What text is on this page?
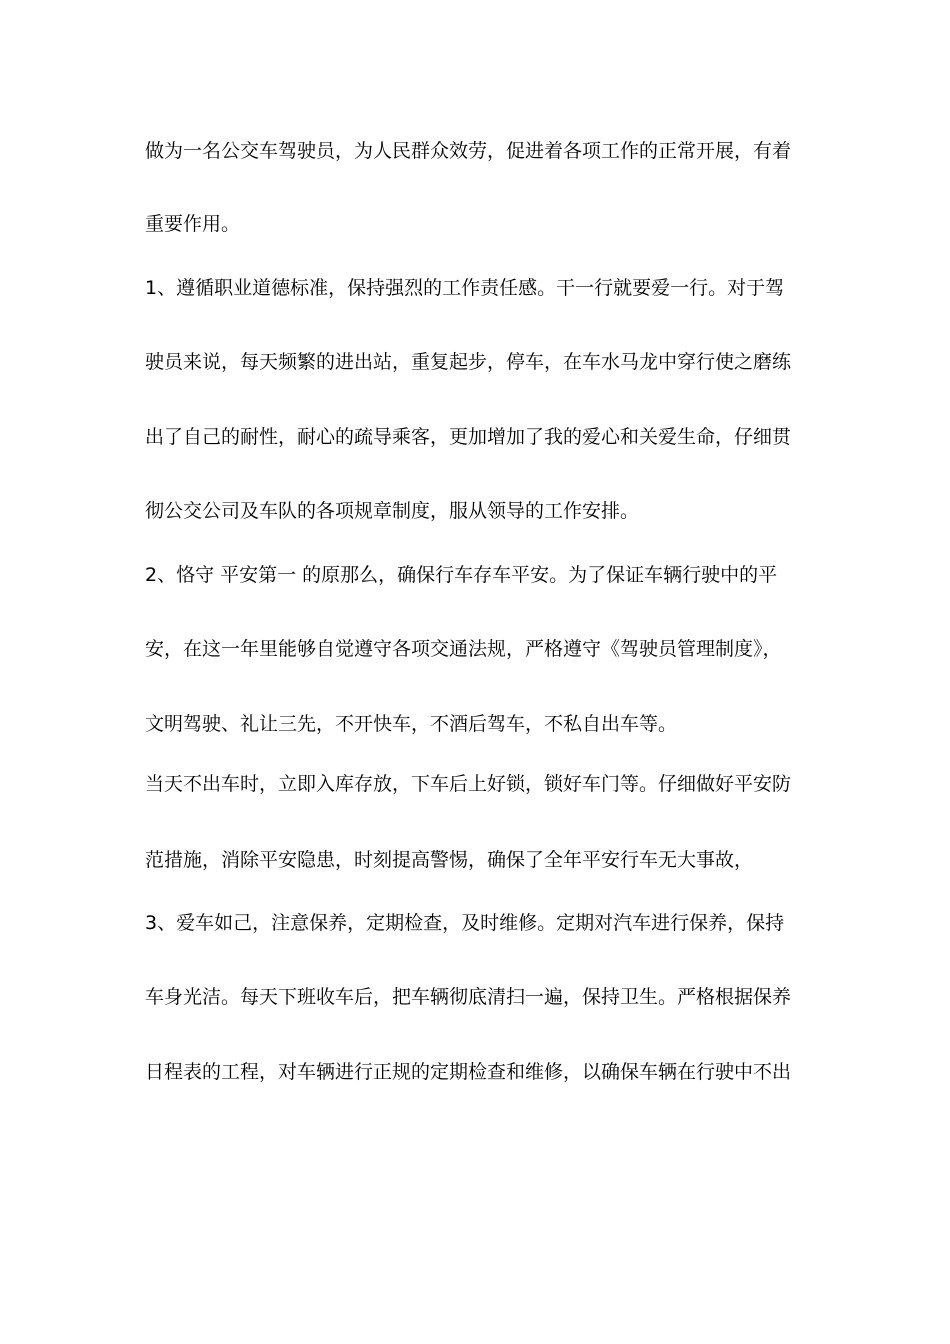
做为一名公交车驾驶员，为人民群众效劳，促进着各项工作的正常开展，有着
重要作用。
1、遵循职业道德标准，保持强烈的工作责任感。干一行就要爱一行。对于驾
驶员来说，每天频繁的进出站，重复起步，停车，在车水马龙中穿行使之磨练
出了自己的耐性，耐心的疏导乘客，更加增加了我的爱心和关爱生命，仔细贯
彻公交公司及车队的各项规章制度，服从领导的工作安排。
2、恪守 平安第一 的原那么，确保行车存车平安。为了保证车辆行驶中的平
安，在这一年里能够自觉遵守各项交通法规，严格遵守《驾驶员管理制度》，
文明驾驶、礼让三先，不开快车，不酒后驾车，不私自出车等。
当天不出车时，立即入库存放，下车后上好锁，锁好车门等。仔细做好平安防
范措施，消除平安隐患，时刻提高警惕，确保了全年平安行车无大事故，
3、爱车如己，注意保养，定期检查，及时维修。定期对汽车进行保养，保持
车身光洁。每天下班收车后，把车辆彻底清扫一遍，保持卫生。严格根据保养
日程表的工程，对车辆进行正规的定期检查和维修，以确保车辆在行驶中不出
